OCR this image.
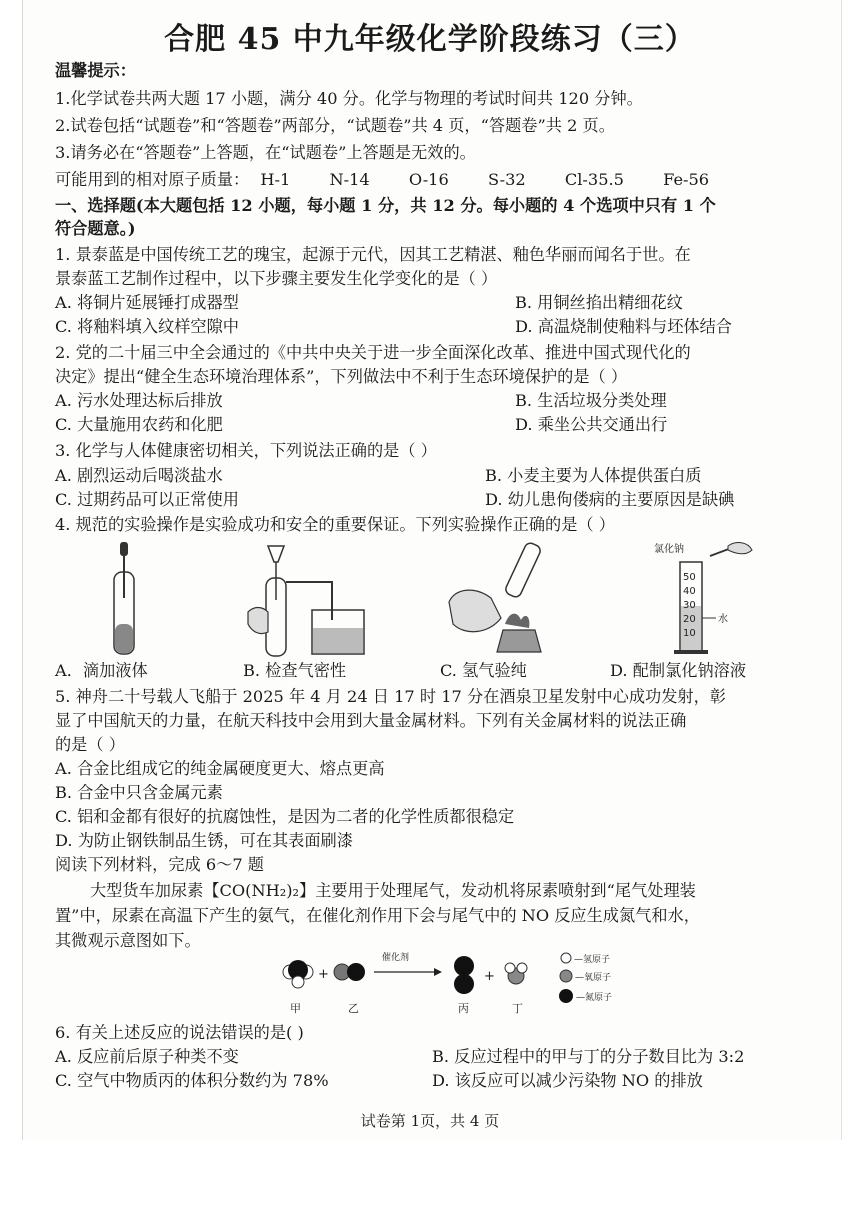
合肥 45 中九年级化学阶段练习（三）
温馨提示：
1.化学试卷共两大题 17 小题，满分 40 分。化学与物理的考试时间共 120 分钟。
2.试卷包括“试题卷”和“答题卷”两部分，“试题卷”共 4 页，“答题卷”共 2 页。
3.请务必在“答题卷”上答题，在“试题卷”上答题是无效的。
可能用到的相对原子质量： H-1 N-14 O-16 S-32 Cl-35.5 Fe-56
一、选择题(本大题包括 12 小题，每小题 1 分，共 12 分。每小题的 4 个选项中只有 1 个
符合题意。)
1. 景泰蓝是中国传统工艺的瑰宝，起源于元代，因其工艺精湛、釉色华丽而闻名于世。在
景泰蓝工艺制作过程中，以下步骤主要发生化学变化的是（ ）
A. 将铜片延展锤打成器型	B. 用铜丝掐出精细花纹
C. 将釉料填入纹样空隙中	D. 高温烧制使釉料与坯体结合
2. 党的二十届三中全会通过的《中共中央关于进一步全面深化改革、推进中国式现代化的
决定》提出“健全生态环境治理体系”，下列做法中不利于生态环境保护的是（ ）
A. 污水处理达标后排放	B. 生活垃圾分类处理
C. 大量施用农药和化肥	D. 乘坐公共交通出行
3. 化学与人体健康密切相关，下列说法正确的是（ ）
A. 剧烈运动后喝淡盐水	B. 小麦主要为人体提供蛋白质
C. 过期药品可以正常使用	D. 幼儿患佝偻病的主要原因是缺碘
4. 规范的实验操作是实验成功和安全的重要保证。下列实验操作正确的是（ ）
氯化钠
50
40
30
20
10
水
A．滴加液体	B. 检查气密性	C. 氢气验纯	D. 配制氯化钠溶液
5. 神舟二十号载人飞船于 2025 年 4 月 24 日 17 时 17 分在酒泉卫星发射中心成功发射，彰
显了中国航天的力量，在航天科技中会用到大量金属材料。下列有关金属材料的说法正确
的是（ ）
A. 合金比组成它的纯金属硬度更大、熔点更高
B. 合金中只含金属元素
C. 铝和金都有很好的抗腐蚀性，是因为二者的化学性质都很稳定
D. 为防止钢铁制品生锈，可在其表面刷漆
阅读下列材料，完成 6～7 题
大型货车加尿素【CO(NH₂)₂】主要用于处理尾气，发动机将尿素喷射到“尾气处理装
置”中，尿素在高温下产生的氨气，在催化剂作用下会与尾气中的 NO 反应生成氮气和水，
其微观示意图如下。
+
催化剂
+
甲	乙	丙	丁
—氢原子
—氧原子
—氮原子
6. 有关上述反应的说法错误的是( )
A. 反应前后原子种类不变	B. 反应过程中的甲与丁的分子数目比为 3:2
C. 空气中物质丙的体积分数约为 78%	D. 该反应可以减少污染物 NO 的排放
试卷第 1页，共 4 页
